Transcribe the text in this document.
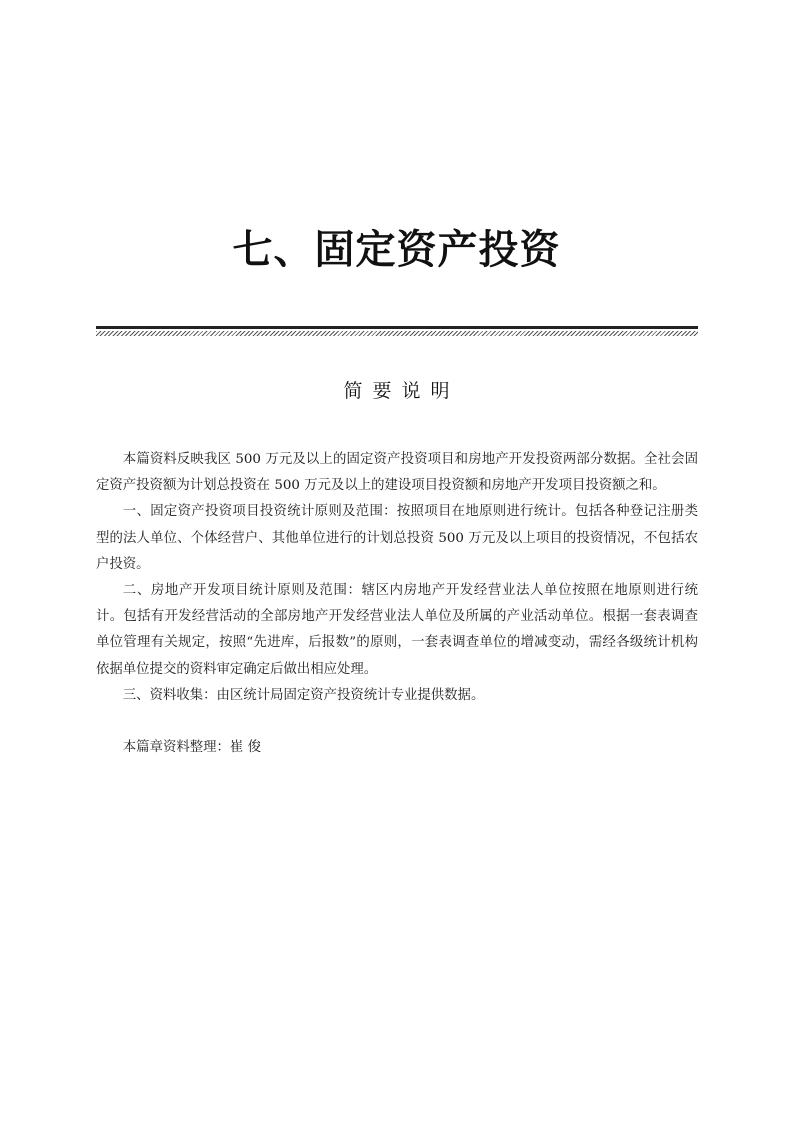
七、固定资产投资
简要说明

本篇资料反映我区 500 万元及以上的固定资产投资项目和房地产开发投资两部分数据。全社会固定资产投资额为计划总投资在 500 万元及以上的建设项目投资额和房地产开发项目投资额之和。

一、固定资产投资项目投资统计原则及范围：按照项目在地原则进行统计。包括各种登记注册类型的法人单位、个体经营户、其他单位进行的计划总投资 500 万元及以上项目的投资情况，不包括农户投资。

二、房地产开发项目统计原则及范围：辖区内房地产开发经营业法人单位按照在地原则进行统计。包括有开发经营活动的全部房地产开发经营业法人单位及所属的产业活动单位。根据一套表调查单位管理有关规定，按照“先进库，后报数”的原则，一套表调查单位的增减变动，需经各级统计机构依据单位提交的资料审定确定后做出相应处理。

三、资料收集：由区统计局固定资产投资统计专业提供数据。

本篇章资料整理：崔 俊
